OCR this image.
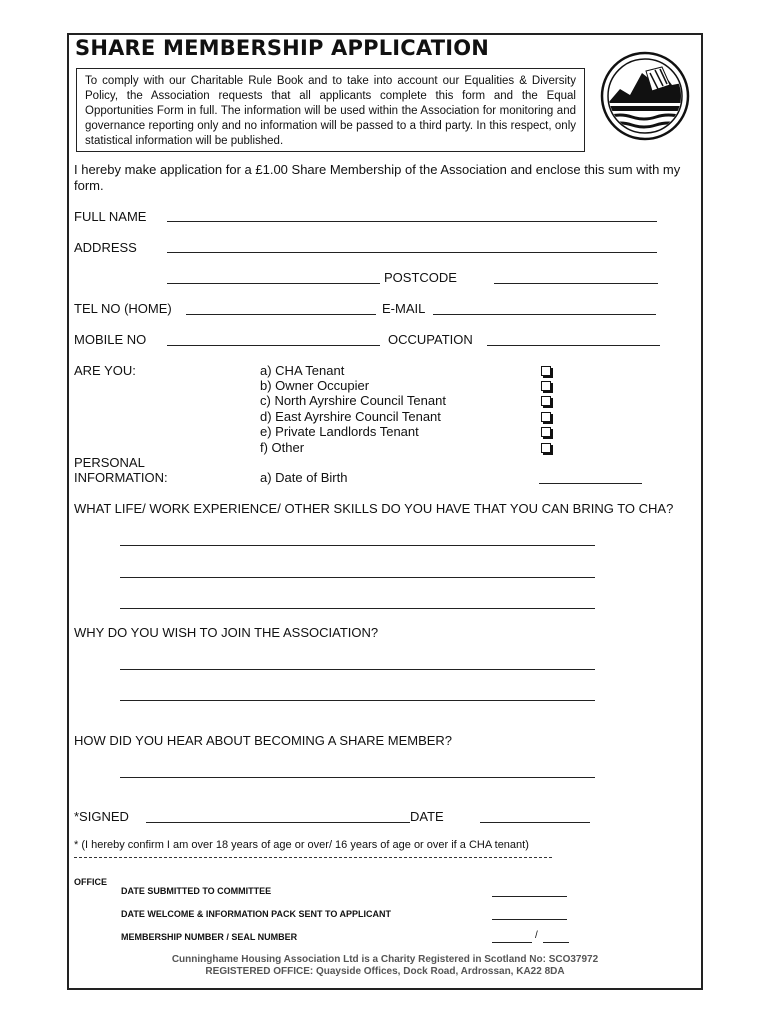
SHARE MEMBERSHIP APPLICATION
To comply with our Charitable Rule Book and to take into account our Equalities & Diversity Policy, the Association requests that all applicants complete this form and the Equal Opportunities Form in full. The information will be used within the Association for monitoring and governance reporting only and no information will be passed to a third party. In this respect, only statistical information will be published.
I hereby make application for a £1.00 Share Membership of the Association and enclose this sum with my form.
FULL NAME
ADDRESS
POSTCODE
TEL NO (HOME)	E-MAIL
MOBILE NO	OCCUPATION
ARE YOU:	a) CHA Tenant
b) Owner Occupier
c) North Ayrshire Council Tenant
d) East Ayrshire Council Tenant
e) Private Landlords Tenant
f) Other
PERSONAL
INFORMATION:	a) Date of Birth
WHAT LIFE/ WORK EXPERIENCE/ OTHER SKILLS DO YOU HAVE THAT YOU CAN BRING TO CHA?
WHY DO YOU WISH TO JOIN THE ASSOCIATION?
HOW DID YOU HEAR ABOUT BECOMING A SHARE MEMBER?
*SIGNED	DATE
* (I hereby confirm I am over 18 years of age or over/ 16 years of age or over if a CHA tenant)
OFFICE
DATE SUBMITTED TO COMMITTEE
DATE WELCOME & INFORMATION PACK SENT TO APPLICANT
MEMBERSHIP NUMBER / SEAL NUMBER	/
Cunninghame Housing Association Ltd is a Charity Registered in Scotland No: SCO37972
REGISTERED OFFICE: Quayside Offices, Dock Road, Ardrossan, KA22 8DA
